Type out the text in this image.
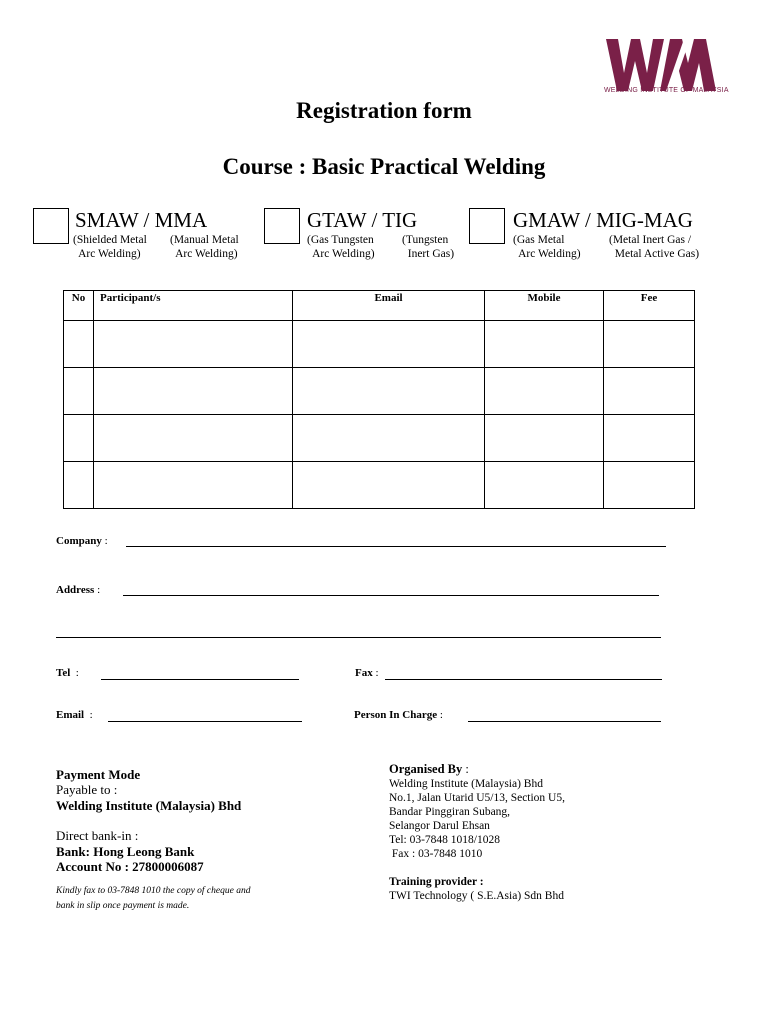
WELDING INSTITUTE OF MALAYSIA
Registration form
Course : Basic Practical Welding
SMAW / MMA
(Shielded Metal
Arc Welding)
(Manual Metal
Arc Welding)
GTAW / TIG
(Gas Tungsten
Arc Welding)
(Tungsten
Inert Gas)
GMAW / MIG-MAG
(Gas Metal
Arc Welding)
(Metal Inert Gas /
Metal Active Gas)
No	Participant/s	Email	Mobile	Fee

Company :
Address :
Tel :	Fax :
Email :	Person In Charge :
Payment Mode
Payable to :
Welding Institute (Malaysia) Bhd
Direct bank-in :
Bank: Hong Leong Bank
Account No : 27800006087
Kindly fax to 03-7848 1010 the copy of cheque and
bank in slip once payment is made.
Organised By :
Welding Institute (Malaysia) Bhd
No.1, Jalan Utarid U5/13, Section U5,
Bandar Pinggiran Subang,
Selangor Darul Ehsan
Tel: 03-7848 1018/1028
Fax : 03-7848 1010
Training provider :
TWI Technology ( S.E.Asia) Sdn Bhd
